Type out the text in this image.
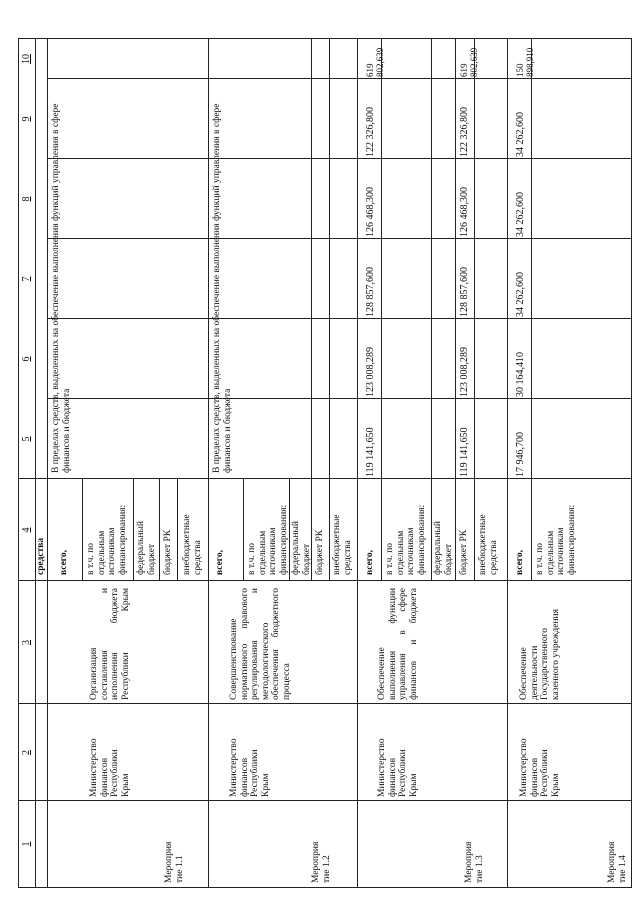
1
2
3
4
5
6
7
8
9
10
средства
Мероприя
тие 1.1
Министерство
финансов
Республики
Крым
Организация
составления и
исполнения бюджета
Республики Крым
всего, в т.ч. по
отдельным
источникам
финансирования: федеральный
бюджет бюджет РК внебюджетные
средства
В пределах средств, выделенных на обеспечение выполнения функций управления в сфере
финансов и бюджета
Мероприя
тие 1.2
Министерство
финансов
Республики
Крым
Совершенствование
нормативного правового
регулирования и
методологического
обеспечения бюджетного
процесса
всего, в т.ч. по
отдельным
источникам
финансирования: федеральный
бюджет бюджет РК внебюджетные
средства
В пределах средств, выделенных на обеспечение выполнения функций управления в сфере
финансов и бюджета
Мероприя
тие 1.3
Министерство
финансов
Республики
Крым
Обеспечение
выполнения функции
управления в сфере
финансов и бюджета
всего, в т.ч. по
отдельным
источникам
финансирования: федеральный
бюджет бюджет РК внебюджетные
средства
119 141,650
123 008,289
128 857,600
126 468,300
122 326,800
619 802,639
119 141,650
123 008,289
128 857,600
126 468,300
122 326,800
619 802,639
Мероприя
тие 1.4
Министерство
финансов
Республики
Крым
Обеспечение
деятельности
Государственного
казенного учреждения
всего, в т.ч. по
отдельным
источникам
финансирования:
17 946,700
30 164,410
34 262,600
34 262,600
34 262,600
150 898,910
